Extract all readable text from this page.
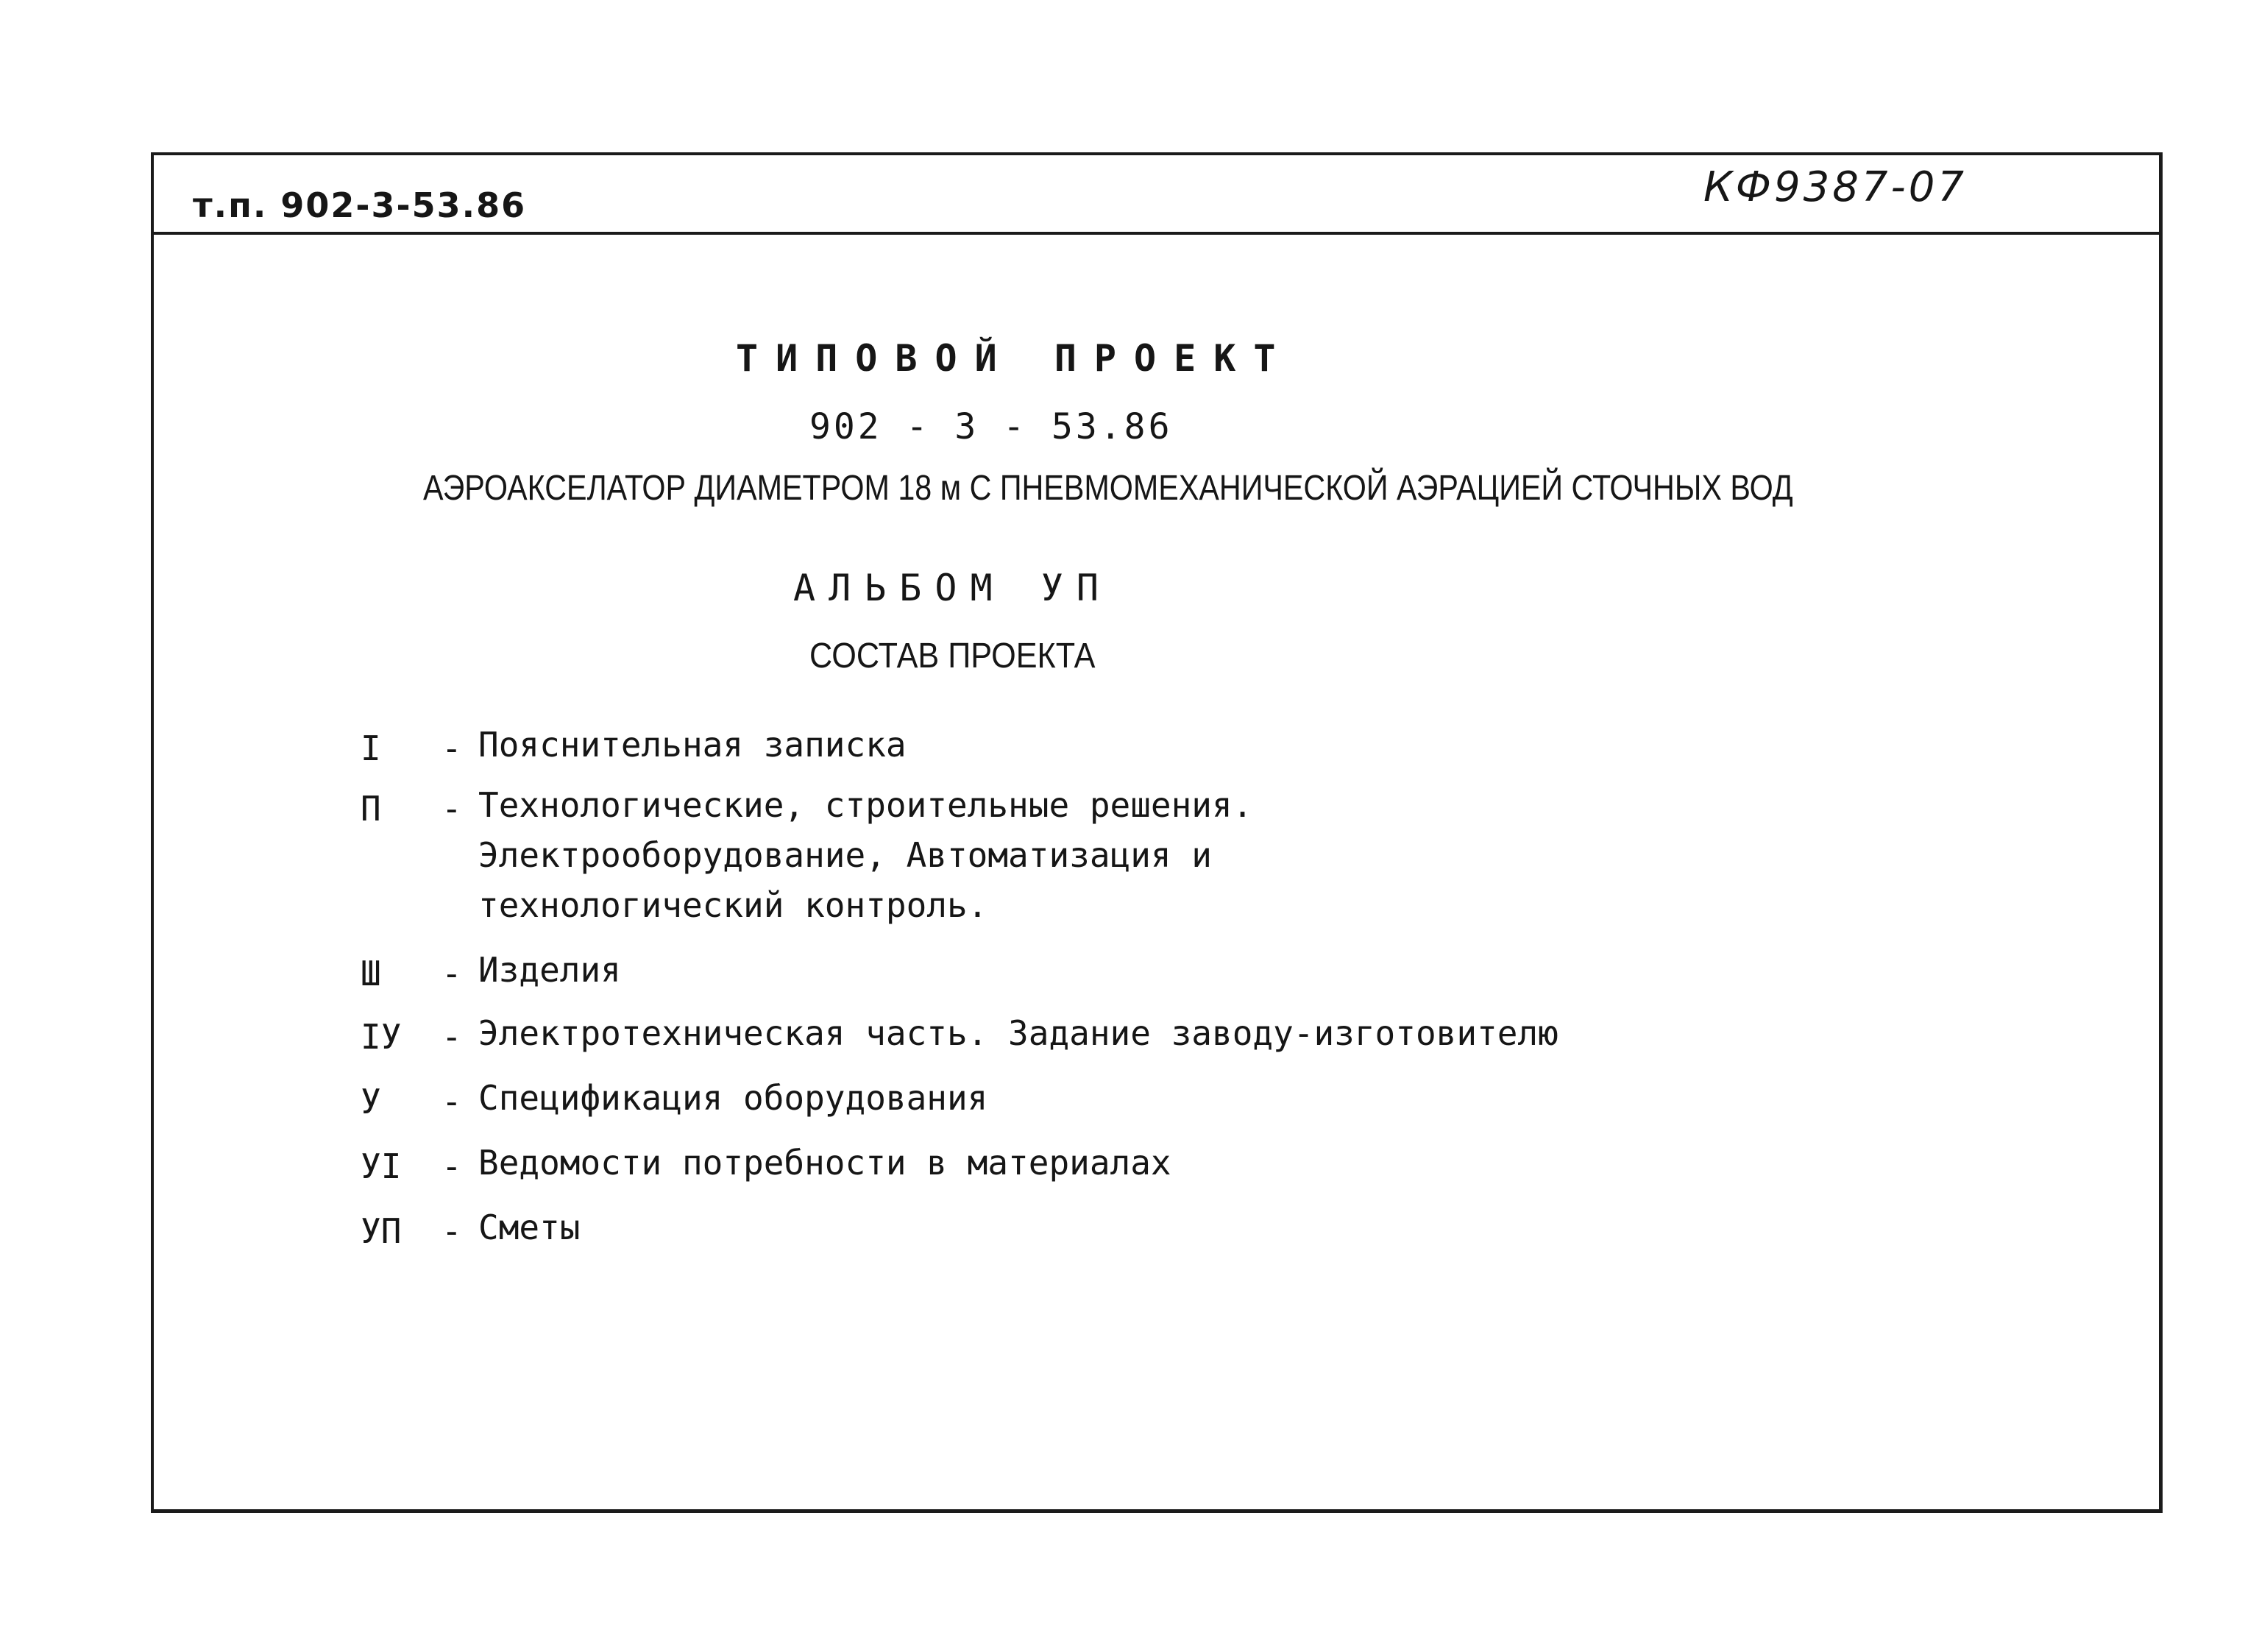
т.п. 902-3-53.86	КФ9387-07
ТИПОВОЙ ПРОЕКТ
902 - 3 - 53.86
АЭРОАКСЕЛАТОР ДИАМЕТРОМ 18 м С ПНЕВМОМЕХАНИЧЕСКОЙ АЭРАЦИЕЙ СТОЧНЫХ ВОД
АЛЬБОМ УП
СОСТАВ ПРОЕКТА
I	- Пояснительная записка
П	- Технологические, строительные решения.
Электрооборудование, Автоматизация и
технологический контроль.
Ш	- Изделия
IУ	- Электротехническая часть. Задание заводу-изготовителю
У	- Спецификация оборудования
УI	- Ведомости потребности в материалах
УП	- Сметы
